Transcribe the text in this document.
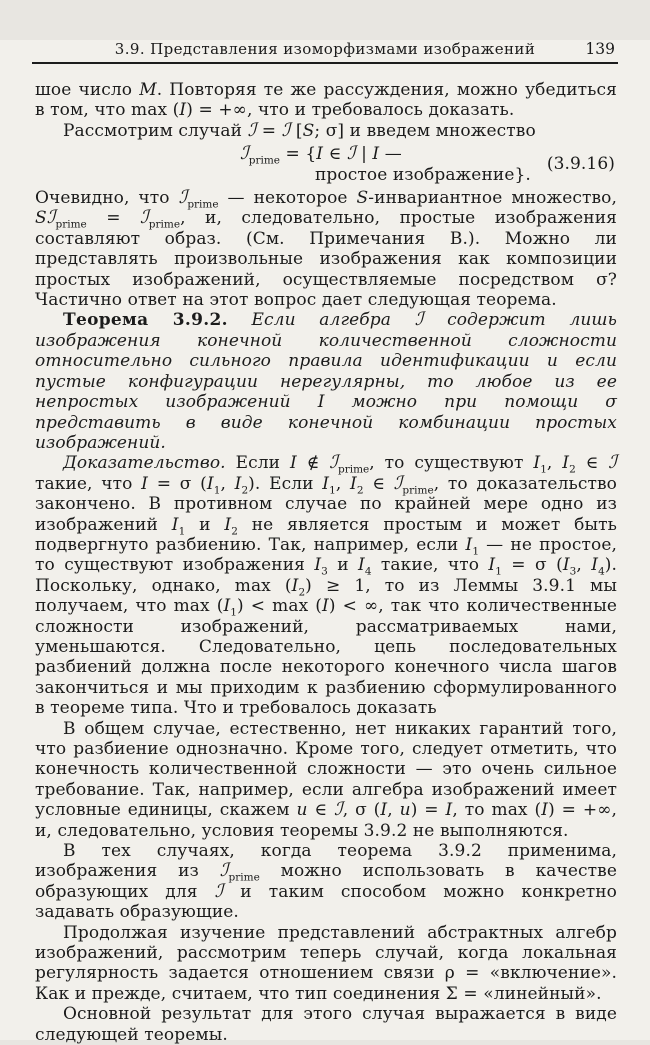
3.9. Представления изоморфизмами изображений	139

шое число М. Повторяя те же рассуждения, можно убедиться в том, что max (I) = +∞, что и требовалось доказать.

Рассмотрим случай ℐ = ℐ [S; σ] и введем множество

ℐ$_{prime}$ = {I ∈ ℐ | I —
простое изображение}.
(3.9.16)

Очевидно, что ℐ$_{prime}$ — некоторое S-инвариантное множество, Sℐ$_{prime}$ = ℐ$_{prime}$, и, следовательно, простые изображения составляют образ. (См. Примечания В.). Можно ли представлять произвольные изображения как композиции простых изображений, осуществляемые посредством σ? Частично ответ на этот вопрос дает следующая теорема.

Теорема 3.9.2. Если алгебра ℐ содержит лишь изображения конечной количественной сложности относительно сильного правила идентификации и если пустые конфигурации нерегулярны, то любое из ее непростых изображений I можно при помощи σ представить в виде конечной комбинации простых изображений.

Доказательство. Если I ∉ ℐ$_{prime}$, то существуют $I_1$, $I_2$ ∈ ℐ такие, что I = σ ($I_1$, $I_2$). Если $I_1$, $I_2$ ∈ ℐ$_{prime}$, то доказательство закончено. В противном случае по крайней мере одно из изображений $I_1$ и $I_2$ не является простым и может быть подвергнуто разбиению. Так, например, если $I_1$ — не простое, то существуют изображения $I_3$ и $I_4$ такие, что $I_1 = \sigma$ ($I_3$, $I_4$). Поскольку, однако, $\max (I_2) \ge 1$, то из Леммы 3.9.1 мы получаем, что $\max (I_1) < \max (I)$ < ∞, так что количественные сложности изображений, рассматриваемых нами, уменьшаются. Следовательно, цепь последовательных разбиений должна после некоторого конечного числа шагов закончиться и мы приходим к разбиению сформулированного в теореме типа. Что и требовалось доказать

В общем случае, естественно, нет никаких гарантий того, что разбиение однозначно. Кроме того, следует отметить, что конечность количественной сложности — это очень сильное требование. Так, например, если алгебра изображений имеет условные единицы, скажем u ∈ ℐ, σ (I, u) = I, то max (I) = +∞, и, следовательно, условия теоремы 3.9.2 не выполняются.

В тех случаях, когда теорема 3.9.2 применима, изображения из ℐ$_{prime}$ можно использовать в качестве образующих для ℐ и таким способом можно конкретно задавать образующие.

Продолжая изучение представлений абстрактных алгебр изображений, рассмотрим теперь случай, когда локальная регулярность задается отношением связи ρ = «включение». Как и прежде, считаем, что тип соединения Σ = «линейный».

Основной результат для этого случая выражается в виде следующей теоремы.
